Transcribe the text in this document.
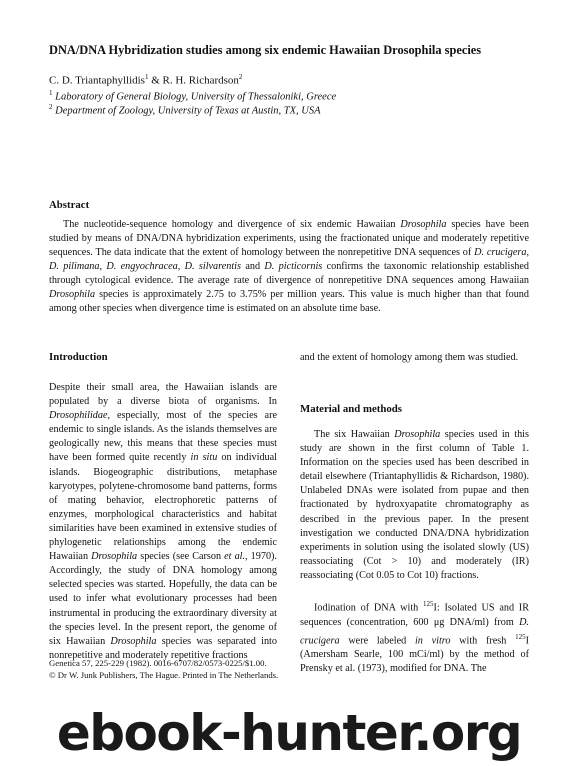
DNA/DNA Hybridization studies among six endemic Hawaiian Drosophila species
C. D. Triantaphyllidis$^1$ & R. H. Richardson$^2$
$^1$ Laboratory of General Biology, University of Thessaloniki, Greece
$^2$ Department of Zoology, University of Texas at Austin, TX, USA
Abstract
The nucleotide-sequence homology and divergence of six endemic Hawaiian Drosophila species have been studied by means of DNA/DNA hybridization experiments, using the fractionated unique and moderately repetitive sequences. The data indicate that the extent of homology between the nonrepetitive DNA sequences of D. crucigera, D. pilimana, D. engyochracea, D. silvarentis and D. picticornis confirms the taxonomic relationship established through cytological evidence. The average rate of divergence of nonrepetitive DNA sequences among Hawaiian Drosophila species is approximately 2.75 to 3.75% per million years. This value is much higher than that found among other species when divergence time is estimated on an absolute time base.
Introduction
Despite their small area, the Hawaiian islands are populated by a diverse biota of organisms. In Drosophilidae, especially, most of the species are endemic to single islands. As the islands themselves are geologically new, this means that these species must have been formed quite recently in situ on individual islands. Biogeographic distributions, metaphase karyotypes, polytene-chromosome band patterns, forms of mating behavior, electrophoretic patterns of enzymes, morphological characteristics and habitat similarities have been examined in extensive studies of phylogenetic relationships among the endemic Hawaiian Drosophila species (see Carson et al., 1970). Accordingly, the study of DNA homology among selected species was started. Hopefully, the data can be used to infer what evolutionary processes had been instrumental in producing the extraordinary diversity at the species level. In the present report, the genome of six Hawaiian Drosophila species was separated into nonrepetitive and moderately repetitive fractions
and the extent of homology among them was studied.
Material and methods
The six Hawaiian Drosophila species used in this study are shown in the first column of Table 1. Information on the species used has been described in detail elsewhere (Triantaphyllidis & Richardson, 1980). Unlabeled DNAs were isolated from pupae and then fractionated by hydroxyapatite chromatography as described in the previous paper. In the present investigation we conducted DNA/DNA hybridization experiments in solution using the isolated slowly (US) reassociating (Cot > 10) and moderately (IR) reassociating (Cot 0.05 to Cot 10) fractions.
Iodination of DNA with $^{125}$I: Isolated US and IR sequences (concentration, 600 μg DNA/ml) from D. crucigera were labeled in vitro with fresh $^{125}$I (Amersham Searle, 100 mCi/ml) by the method of Prensky et al. (1973), modified for DNA. The
Genetica 57, 225-229 (1982). 0016-6707/82/0573-0225/$1.00.
© Dr W. Junk Publishers, The Hague. Printed in The Netherlands.
ebook-hunter.org
